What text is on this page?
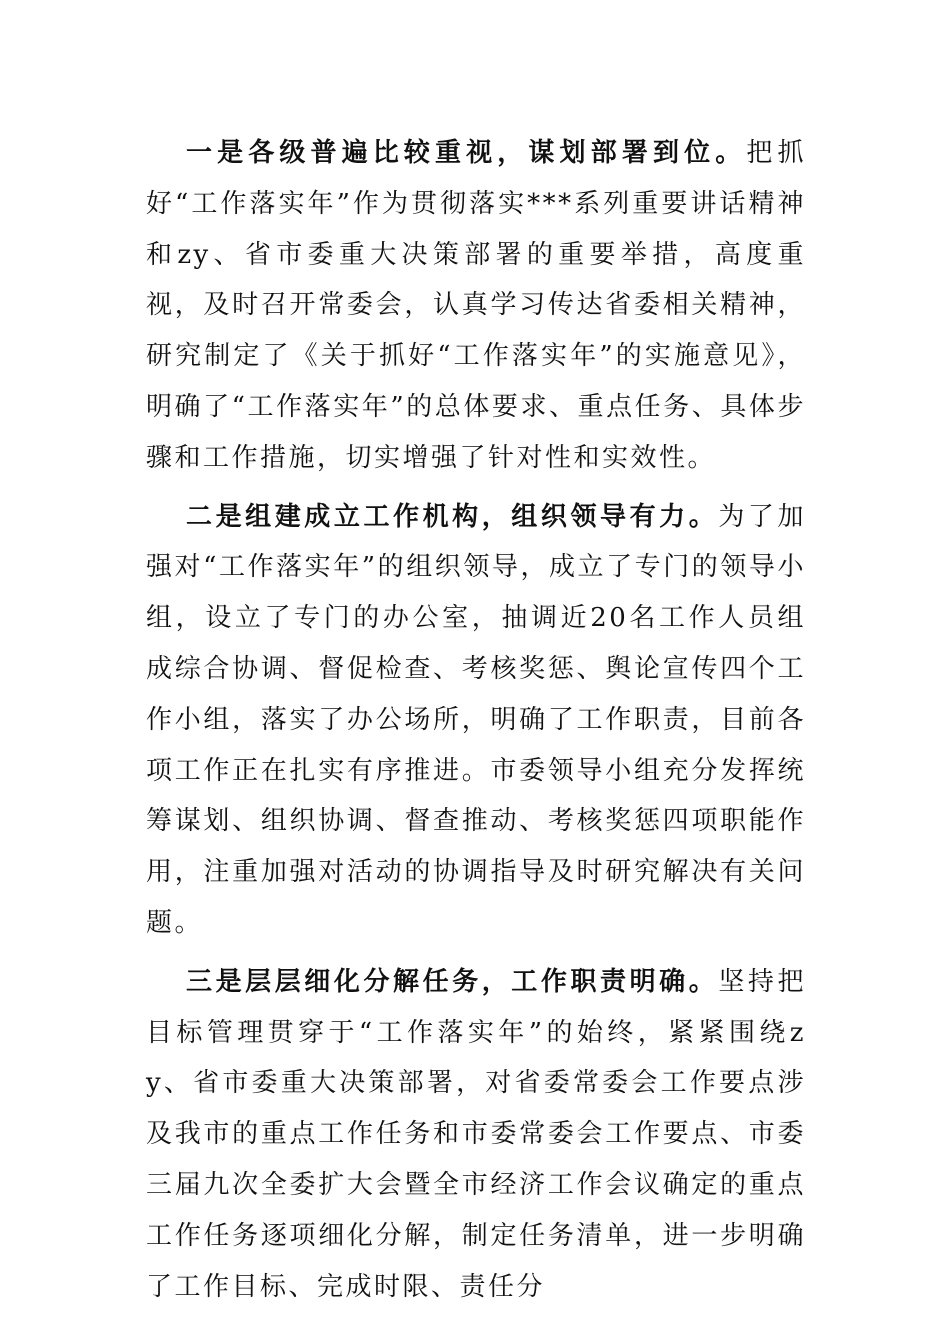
一是各级普遍比较重视，谋划部署到位。把抓好“工作落实年”作为贯彻落实***系列重要讲话精神和zy、省市委重大决策部署的重要举措，高度重视，及时召开常委会，认真学习传达省委相关精神，研究制定了《关于抓好“工作落实年”的实施意见》，明确了“工作落实年”的总体要求、重点任务、具体步骤和工作措施，切实增强了针对性和实效性。

二是组建成立工作机构，组织领导有力。为了加强对“工作落实年”的组织领导，成立了专门的领导小组，设立了专门的办公室，抽调近20名工作人员组成综合协调、督促检查、考核奖惩、舆论宣传四个工作小组，落实了办公场所，明确了工作职责，目前各项工作正在扎实有序推进。市委领导小组充分发挥统筹谋划、组织协调、督查推动、考核奖惩四项职能作用，注重加强对活动的协调指导及时研究解决有关问题。

三是层层细化分解任务，工作职责明确。坚持把目标管理贯穿于“工作落实年”的始终，紧紧围绕zy、省市委重大决策部署，对省委常委会工作要点涉及我市的重点工作任务和市委常委会工作要点、市委三届九次全委扩大会暨全市经济工作会议确定的重点工作任务逐项细化分解，制定任务清单，进一步明确了工作目标、完成时限、责任分
